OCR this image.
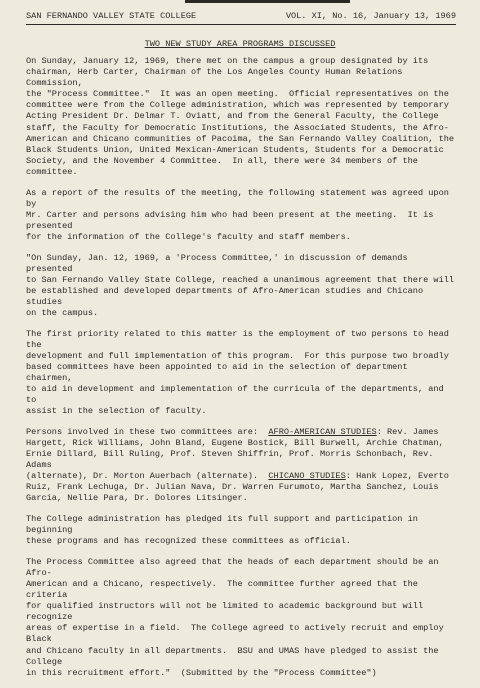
SAN FERNANDO VALLEY STATE COLLEGE	VOL. XI, No. 16, January 13, 1969
TWO NEW STUDY AREA PROGRAMS DISCUSSED

On Sunday, January 12, 1969, there met on the campus a group designated by its
chairman, Herb Carter, Chairman of the Los Angeles County Human Relations Commission,
the "Process Committee."  It was an open meeting.  Official representatives on the
committee were from the College administration, which was represented by temporary
Acting President Dr. Delmar T. Oviatt, and from the General Faculty, the College
staff, the Faculty for Democratic Institutions, the Associated Students, the Afro-
American and Chicano communities of Pacoima, the San Fernando Valley Coalition, the
Black Students Union, United Mexican-American Students, Students for a Democratic
Society, and the November 4 Committee.  In all, there were 34 members of the committee.

As a report of the results of the meeting, the following statement was agreed upon by
Mr. Carter and persons advising him who had been present at the meeting.  It is presented
for the information of the College's faculty and staff members.

"On Sunday, Jan. 12, 1969, a 'Process Committee,' in discussion of demands presented
to San Fernando Valley State College, reached a unanimous agreement that there will
be established and developed departments of Afro-American studies and Chicano studies
on the campus.

The first priority related to this matter is the employment of two persons to head the
development and full implementation of this program.  For this purpose two broadly
based committees have been appointed to aid in the selection of department chairmen,
to aid in development and implementation of the curricula of the departments, and to
assist in the selection of faculty.

Persons involved in these two committees are:  AFRO-AMERICAN STUDIES: Rev. James
Hargett, Rick Williams, John Bland, Eugene Bostick, Bill Burwell, Archie Chatman,
Ernie Dillard, Bill Ruling, Prof. Steven Shiffrin, Prof. Morris Schonbach, Rev. Adams
(alternate), Dr. Morton Auerbach (alternate).  CHICANO STUDIES: Hank Lopez, Everto
Ruiz, Frank Lechuga, Dr. Julian Nava, Dr. Warren Furumoto, Martha Sanchez, Louis
Garcia, Nellie Para, Dr. Dolores Litsinger.

The College administration has pledged its full support and participation in beginning
these programs and has recognized these committees as official.

The Process Committee also agreed that the heads of each department should be an Afro-
American and a Chicano, respectively.  The committee further agreed that the criteria
for qualified instructors will not be limited to academic background but will recognize
areas of expertise in a field.  The College agreed to actively recruit and employ Black
and Chicano faculty in all departments.  BSU and UMAS have pledged to assist the College
in this recruitment effort."  (Submitted by the "Process Committee")
